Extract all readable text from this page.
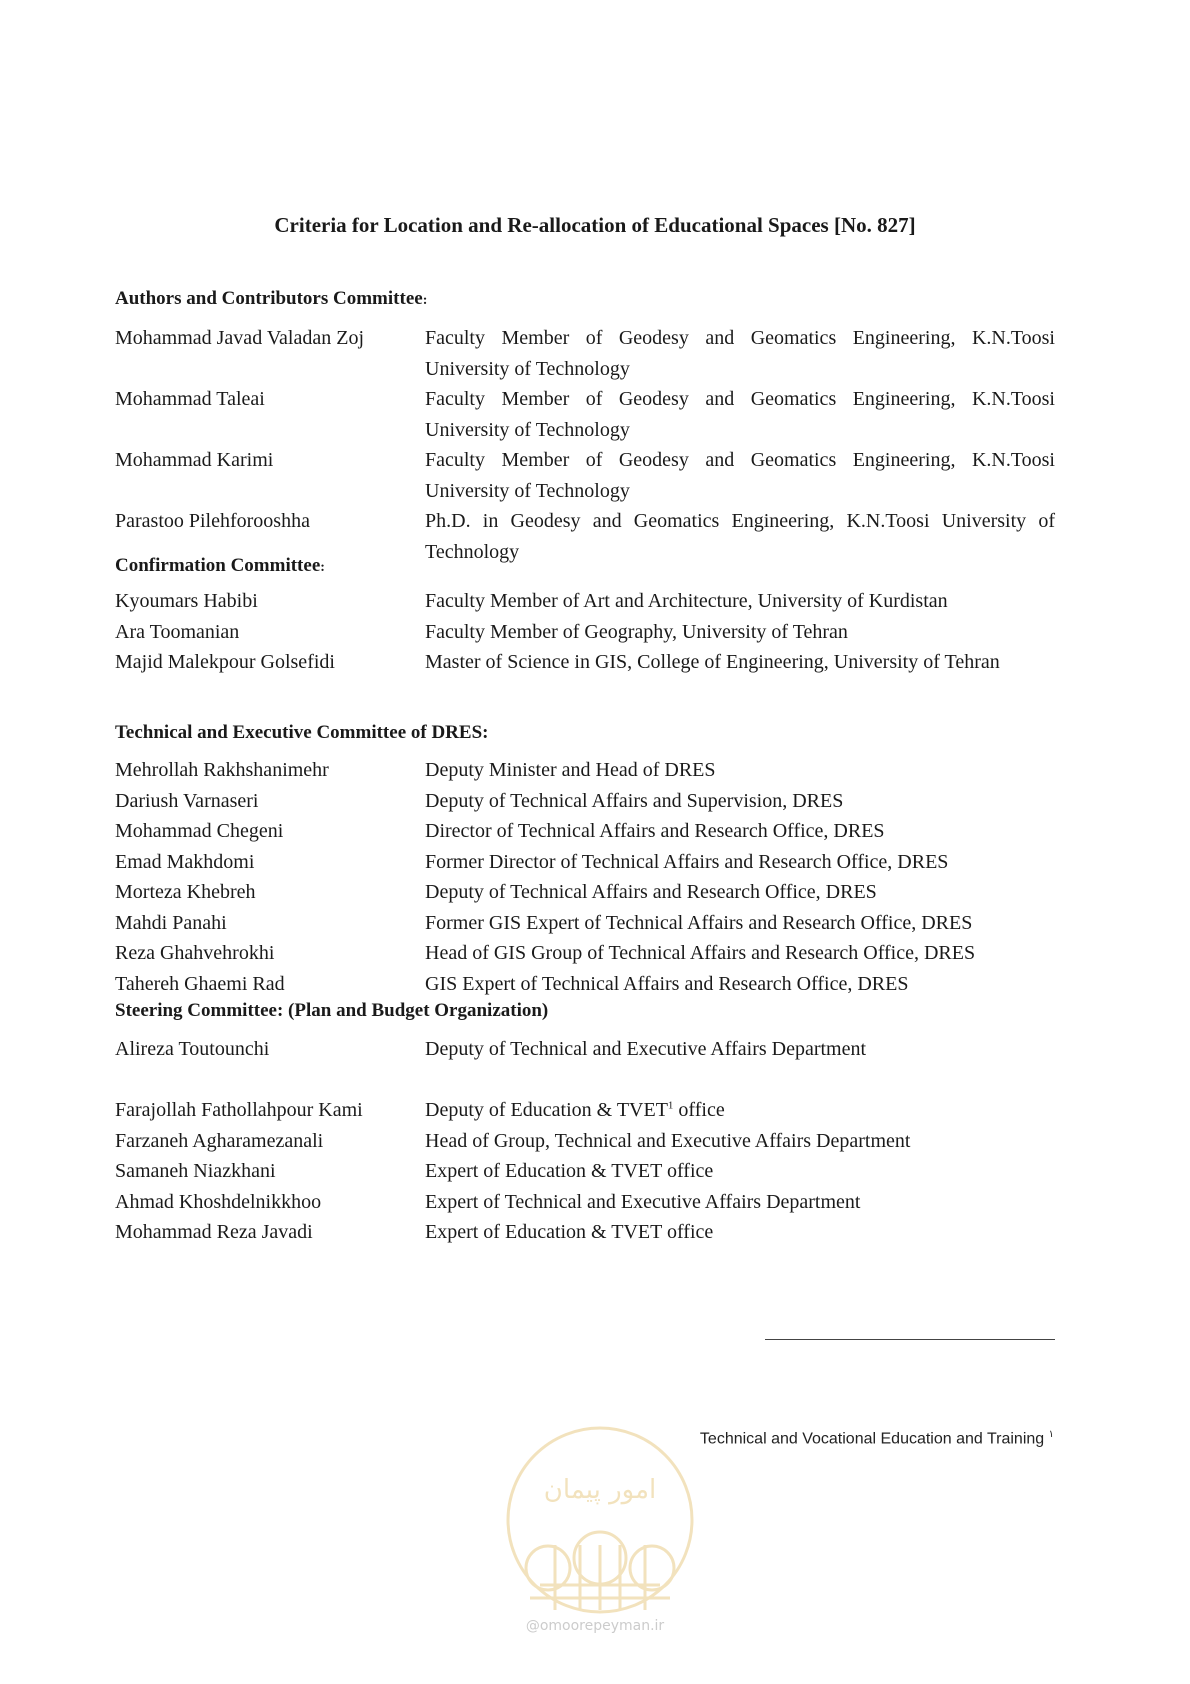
Criteria for Location and Re-allocation of Educational Spaces [No. 827]
Authors and Contributors Committee:
Mohammad Javad Valadan Zoj	Faculty Member of Geodesy and Geomatics Engineering, K.N.Toosi University of Technology
Mohammad Taleai	Faculty Member of Geodesy and Geomatics Engineering, K.N.Toosi University of Technology
Mohammad Karimi	Faculty Member of Geodesy and Geomatics Engineering, K.N.Toosi University of Technology
Parastoo Pilehforooshha	Ph.D. in Geodesy and Geomatics Engineering, K.N.Toosi University of Technology
Confirmation Committee:
Kyoumars Habibi	Faculty Member of Art and Architecture, University of Kurdistan
Ara Toomanian	Faculty Member of Geography, University of Tehran
Majid Malekpour Golsefidi	Master of Science in GIS, College of Engineering, University of Tehran
Technical and Executive Committee of DRES:
Mehrollah Rakhshanimehr	Deputy Minister and Head of DRES
Dariush Varnaseri	Deputy of Technical Affairs and Supervision, DRES
Mohammad Chegeni	Director of Technical Affairs and Research Office, DRES
Emad Makhdomi	Former Director of Technical Affairs and Research Office, DRES
Morteza Khebreh	Deputy of Technical Affairs and Research Office, DRES
Mahdi Panahi	Former GIS Expert of Technical Affairs and Research Office, DRES
Reza Ghahvehrokhi	Head of GIS Group of Technical Affairs and Research Office, DRES
Tahereh Ghaemi Rad	GIS Expert of Technical Affairs and Research Office, DRES
Steering Committee: (Plan and Budget Organization)
Alireza Toutounchi	Deputy of Technical and Executive Affairs Department
Farajollah Fathollahpour Kami	Deputy of Education & TVET$^1$ office
Farzaneh Agharamezanali	Head of Group, Technical and Executive Affairs Department
Samaneh Niazkhani	Expert of Education & TVET office
Ahmad Khoshdelnikkhoo	Expert of Technical and Executive Affairs Department
Mohammad Reza Javadi	Expert of Education & TVET office
Technical and Vocational Education and Training $^١$
امور پیمان
@omoorepeyman.ir
